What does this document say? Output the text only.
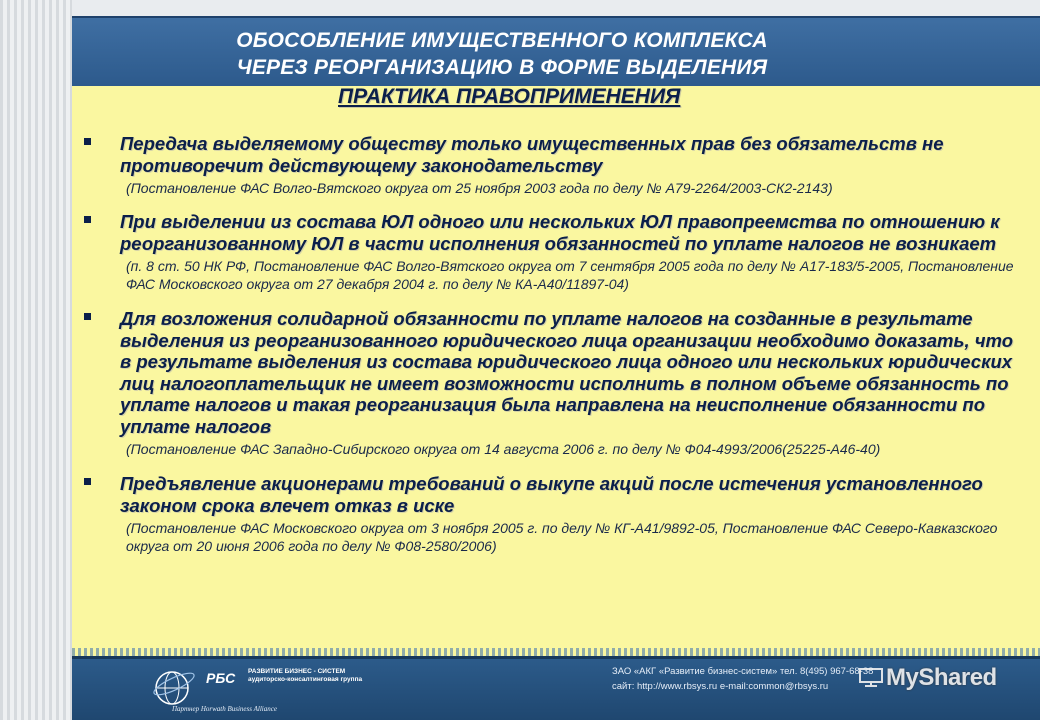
ОБОСОБЛЕНИЕ ИМУЩЕСТВЕННОГО КОМПЛЕКСА
ЧЕРЕЗ РЕОРГАНИЗАЦИЮ В ФОРМЕ ВЫДЕЛЕНИЯ
ПРАКТИКА ПРАВОПРИМЕНЕНИЯ
Передача выделяемому обществу только имущественных прав без обязательств не противоречит действующему законодательству
(Постановление ФАС Волго-Вятского округа от 25 ноября 2003 года по делу № А79-2264/2003-СК2-2143)
При выделении из состава ЮЛ одного или нескольких ЮЛ правопреемства по отношению к реорганизованному ЮЛ в части исполнения обязанностей по уплате налогов не возникает
(п. 8 ст. 50 НК РФ, Постановление ФАС Волго-Вятского округа от 7 сентября 2005 года по делу № А17-183/5-2005, Постановление ФАС Московского округа от 27 декабря 2004 г. по делу № КА-А40/11897-04)
Для возложения солидарной обязанности по уплате налогов на созданные в результате выделения из реорганизованного юридического лица организации необходимо доказать, что в результате выделения из состава юридического лица одного или нескольких юридических лиц налогоплательщик не имеет возможности исполнить в полном объеме обязанность по уплате налогов и такая реорганизация была направлена на неисполнение обязанности по уплате налогов
(Постановление ФАС Западно-Сибирского округа от 14 августа 2006 г. по делу № Ф04-4993/2006(25225-А46-40)
Предъявление акционерами требований о выкупе акций после истечения установленного законом срока влечет отказ в иске
(Постановление ФАС Московского округа от 3 ноября 2005 г. по делу № КГ-А41/9892-05, Постановление ФАС Северо-Кавказского округа от 20 июня 2006 года по делу № Ф08-2580/2006)
РБС РАЗВИТИЕ БИЗНЕС - СИСТЕМ
аудиторско-консалтинговая группа
Партнер Horwath Business Alliance
ЗАО «АКГ «Развитие бизнес-систем» тел. 8(495) 967-68-38
сайт: http://www.rbsys.ru e-mail:common@rbsys.ru	MyShared
